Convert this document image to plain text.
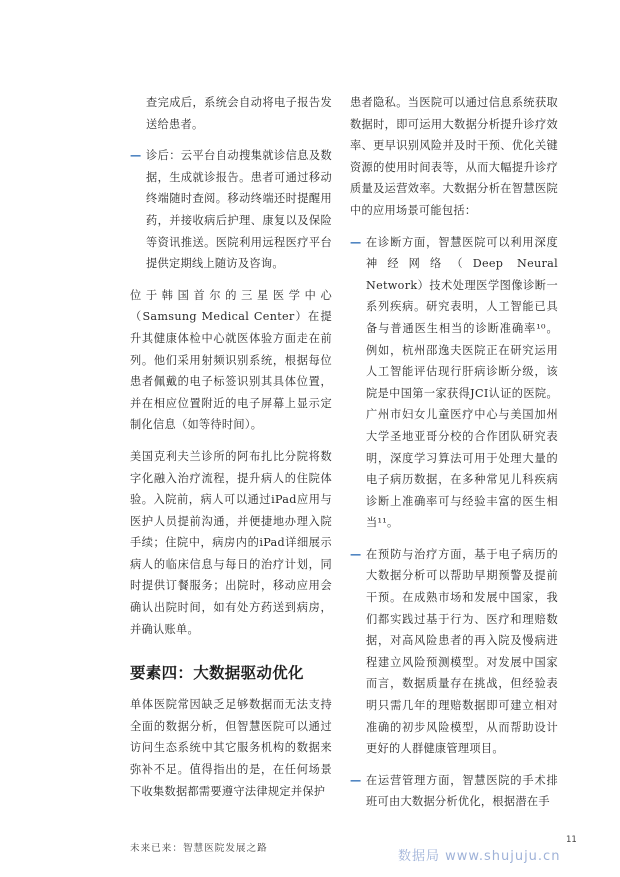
查完成后，系统会自动将电子报告发送给患者。

— 诊后：云平台自动搜集就诊信息及数据，生成就诊报告。患者可通过移动终端随时查阅。移动终端还时提醒用药，并接收病后护理、康复以及保险等资讯推送。医院利用远程医疗平台提供定期线上随访及咨询。

位于韩国首尔的三星医学中心（Samsung Medical Center）在提升其健康体检中心就医体验方面走在前列。他们采用射频识别系统，根据每位患者佩戴的电子标签识别其具体位置，并在相应位置附近的电子屏幕上显示定制化信息（如等待时间）。

美国克利夫兰诊所的阿布扎比分院将数字化融入治疗流程，提升病人的住院体验。入院前，病人可以通过iPad应用与医护人员提前沟通，并便捷地办理入院手续；住院中，病房内的iPad详细展示病人的临床信息与每日的治疗计划，同时提供订餐服务；出院时，移动应用会确认出院时间，如有处方药送到病房，并确认账单。

要素四：大数据驱动优化

单体医院常因缺乏足够数据而无法支持全面的数据分析，但智慧医院可以通过访问生态系统中其它服务机构的数据来弥补不足。值得指出的是，在任何场景下收集数据都需要遵守法律规定并保护

患者隐私。当医院可以通过信息系统获取数据时，即可运用大数据分析提升诊疗效率、更早识别风险并及时干预、优化关键资源的使用时间表等，从而大幅提升诊疗质量及运营效率。大数据分析在智慧医院中的应用场景可能包括：

— 在诊断方面，智慧医院可以利用深度神经网络（Deep Neural Network）技术处理医学图像诊断一系列疾病。研究表明，人工智能已具备与普通医生相当的诊断准确率¹⁰。例如，杭州邵逸夫医院正在研究运用人工智能评估现行肝病诊断分级，该院是中国第一家获得JCI认证的医院。广州市妇女儿童医疗中心与美国加州大学圣地亚哥分校的合作团队研究表明，深度学习算法可用于处理大量的电子病历数据，在多种常见儿科疾病诊断上准确率可与经验丰富的医生相当¹¹。

— 在预防与治疗方面，基于电子病历的大数据分析可以帮助早期预警及提前干预。在成熟市场和发展中国家，我们都实践过基于行为、医疗和理赔数据，对高风险患者的再入院及慢病进程建立风险预测模型。对发展中国家而言，数据质量存在挑战，但经验表明只需几年的理赔数据即可建立相对准确的初步风险模型，从而帮助设计更好的人群健康管理项目。

— 在运营管理方面，智慧医院的手术排班可由大数据分析优化，根据潜在手

未来已来：智慧医院发展之路
11
数据局 www.shujuju.cn
